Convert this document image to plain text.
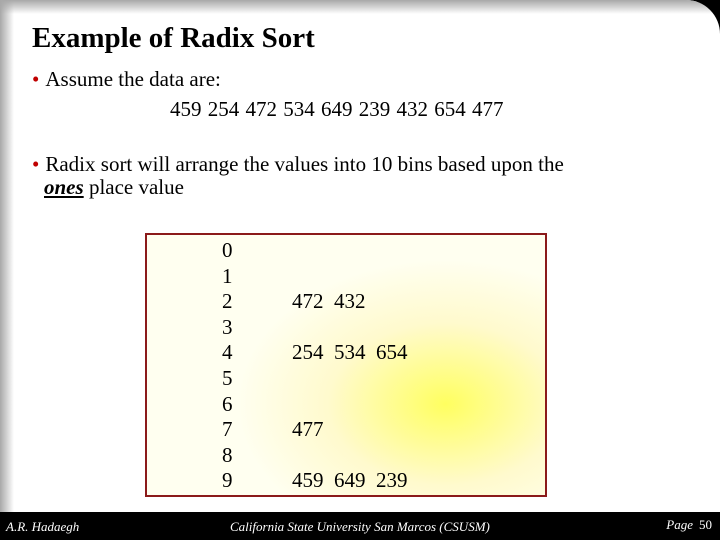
Example of Radix Sort
• Assume the data are:
459 254 472 534 649 239 432 654 477
• Radix sort will arrange the values into 10 bins based upon the
ones place value
0
1
2	472  432
3
4	254  534  654
5
6
7	477
8
9	459  649  239
A.R. Hadaegh	California State University San Marcos (CSUSM)	Page 50
